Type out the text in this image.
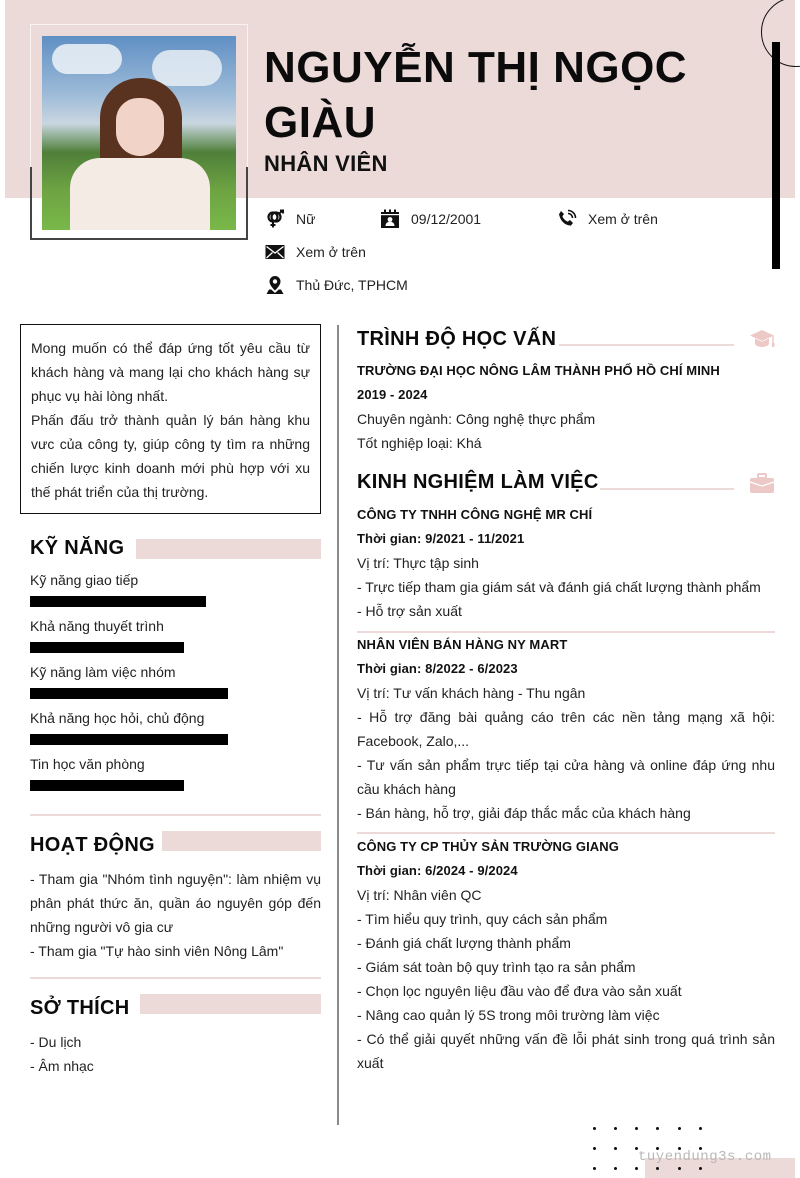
NGUYỄN THỊ NGỌC GIÀU
NHÂN VIÊN
Nữ	09/12/2001	Xem ở trên
Xem ở trên
Thủ Đức, TPHCM

Mong muốn có thể đáp ứng tốt yêu cầu từ khách hàng và mang lại cho khách hàng sự phục vụ hài lòng nhất.

Phấn đấu trở thành quản lý bán hàng khu vưc của công ty, giúp công ty tìm ra những chiến lược kinh doanh mới phù hợp với xu thế phát triển của thị trường.

KỸ NĂNG
Kỹ năng giao tiếp
Khả năng thuyết trình
Kỹ năng làm việc nhóm
Khả năng học hỏi, chủ động
Tin học văn phòng
HOẠT ĐỘNG
- Tham gia "Nhóm tình nguyện": làm nhiệm vụ phân phát thức ăn, quần áo nguyên góp đến những người vô gia cư
- Tham gia "Tự hào sinh viên Nông Lâm"
SỞ THÍCH
- Du lịch
- Âm nhạc
TRÌNH ĐỘ HỌC VẤN
TRƯỜNG ĐẠI HỌC NÔNG LÂM THÀNH PHỐ HỒ CHÍ MINH
2019 - 2024
Chuyên ngành: Công nghệ thực phẩm
Tốt nghiệp loại: Khá
KINH NGHIỆM LÀM VIỆC
CÔNG TY TNHH CÔNG NGHỆ MR CHÍ
Thời gian: 9/2021 - 11/2021
Vị trí: Thực tập sinh
- Trực tiếp tham gia giám sát và đánh giá chất lượng thành phẩm
- Hỗ trợ sản xuất
NHÂN VIÊN BÁN HÀNG NY MART
Thời gian: 8/2022 - 6/2023
Vị trí: Tư vấn khách hàng - Thu ngân
- Hỗ trợ đăng bài quảng cáo trên các nền tảng mạng xã hội: Facebook, Zalo,...
- Tư vấn sản phẩm trực tiếp tại cửa hàng và online đáp ứng nhu cầu khách hàng
- Bán hàng, hỗ trợ, giải đáp thắc mắc của khách hàng
CÔNG TY CP THỦY SẢN TRƯỜNG GIANG
Thời gian: 6/2024 - 9/2024
Vị trí: Nhân viên QC
- Tìm hiểu quy trình, quy cách sản phẩm
- Đánh giá chất lượng thành phẩm
- Giám sát toàn bộ quy trình tạo ra sản phẩm
- Chọn lọc nguyên liệu đầu vào để đưa vào sản xuất
- Nâng cao quản lý 5S trong môi trường làm việc
- Có thể giải quyết những vấn đề lỗi phát sinh trong quá trình sản xuất
tuyendung3s.com
